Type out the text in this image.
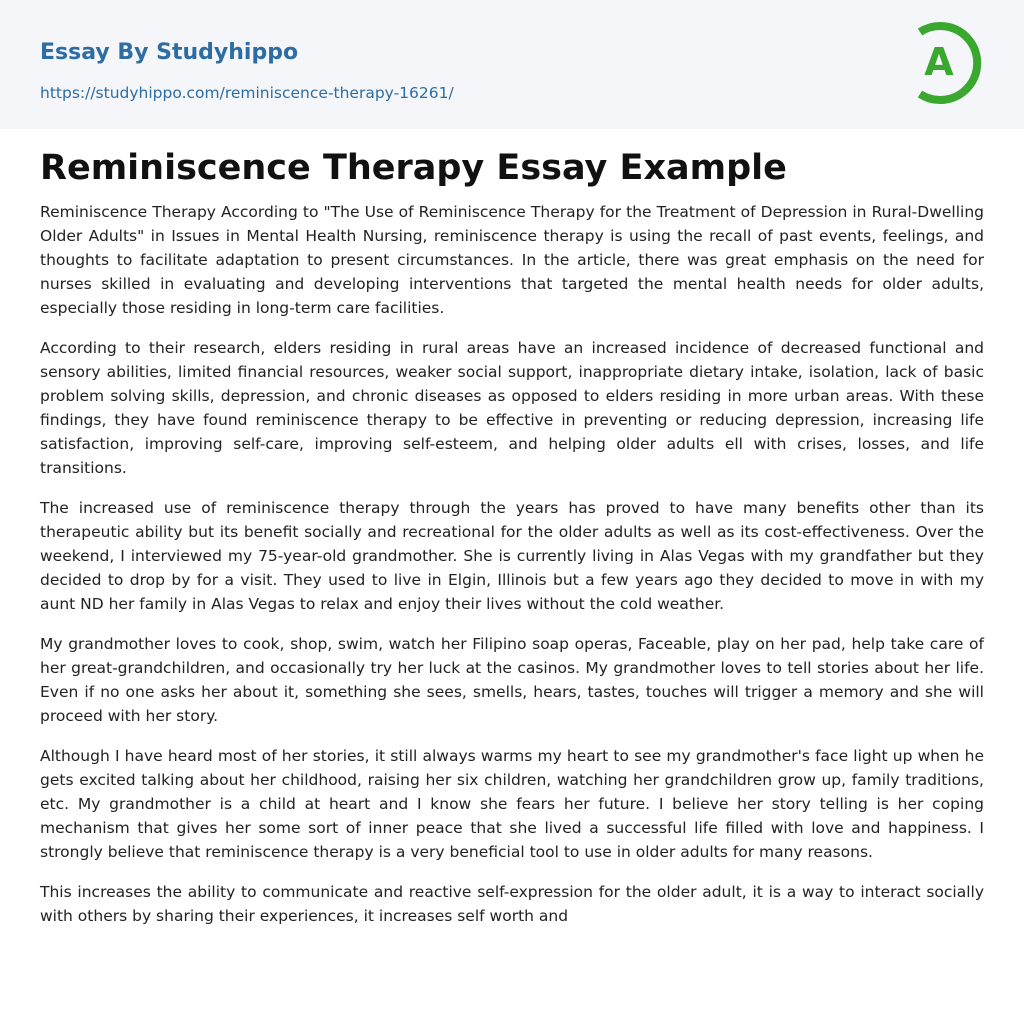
Essay By Studyhippo
https://studyhippo.com/reminiscence-therapy-16261/
A
Reminiscence Therapy Essay Example

Reminiscence Therapy According to "The Use of Reminiscence Therapy for the Treatment of Depression in Rural-Dwelling Older Adults" in Issues in Mental Health Nursing, reminiscence therapy is using the recall of past events, feelings, and thoughts to facilitate adaptation to present circumstances. In the article, there was great emphasis on the need for nurses skilled in evaluating and developing interventions that targeted the mental health needs for older adults, especially those residing in long-term care facilities.

According to their research, elders residing in rural areas have an increased incidence of decreased functional and sensory abilities, limited financial resources, weaker social support, inappropriate dietary intake, isolation, lack of basic problem solving skills, depression, and chronic diseases as opposed to elders residing in more urban areas. With these findings, they have found reminiscence therapy to be effective in preventing or reducing depression, increasing life satisfaction, improving self-care, improving self-esteem, and helping older adults ell with crises, losses, and life transitions.

The increased use of reminiscence therapy through the years has proved to have many benefits other than its therapeutic ability but its benefit socially and recreational for the older adults as well as its cost-effectiveness. Over the weekend, I interviewed my 75-year-old grandmother. She is currently living in Alas Vegas with my grandfather but they decided to drop by for a visit. They used to live in Elgin, Illinois but a few years ago they decided to move in with my aunt ND her family in Alas Vegas to relax and enjoy their lives without the cold weather.

My grandmother loves to cook, shop, swim, watch her Filipino soap operas, Faceable, play on her pad, help take care of her great-grandchildren, and occasionally try her luck at the casinos. My grandmother loves to tell stories about her life. Even if no one asks her about it, something she sees, smells, hears, tastes, touches will trigger a memory and she will proceed with her story.

Although I have heard most of her stories, it still always warms my heart to see my grandmother's face light up when he gets excited talking about her childhood, raising her six children, watching her grandchildren grow up, family traditions, etc. My grandmother is a child at heart and I know she fears her future. I believe her story telling is her coping mechanism that gives her some sort of inner peace that she lived a successful life filled with love and happiness. I strongly believe that reminiscence therapy is a very beneficial tool to use in older adults for many reasons.

This increases the ability to communicate and reactive self-expression for the older adult, it is a way to interact socially with others by sharing their experiences, it increases self worth and
